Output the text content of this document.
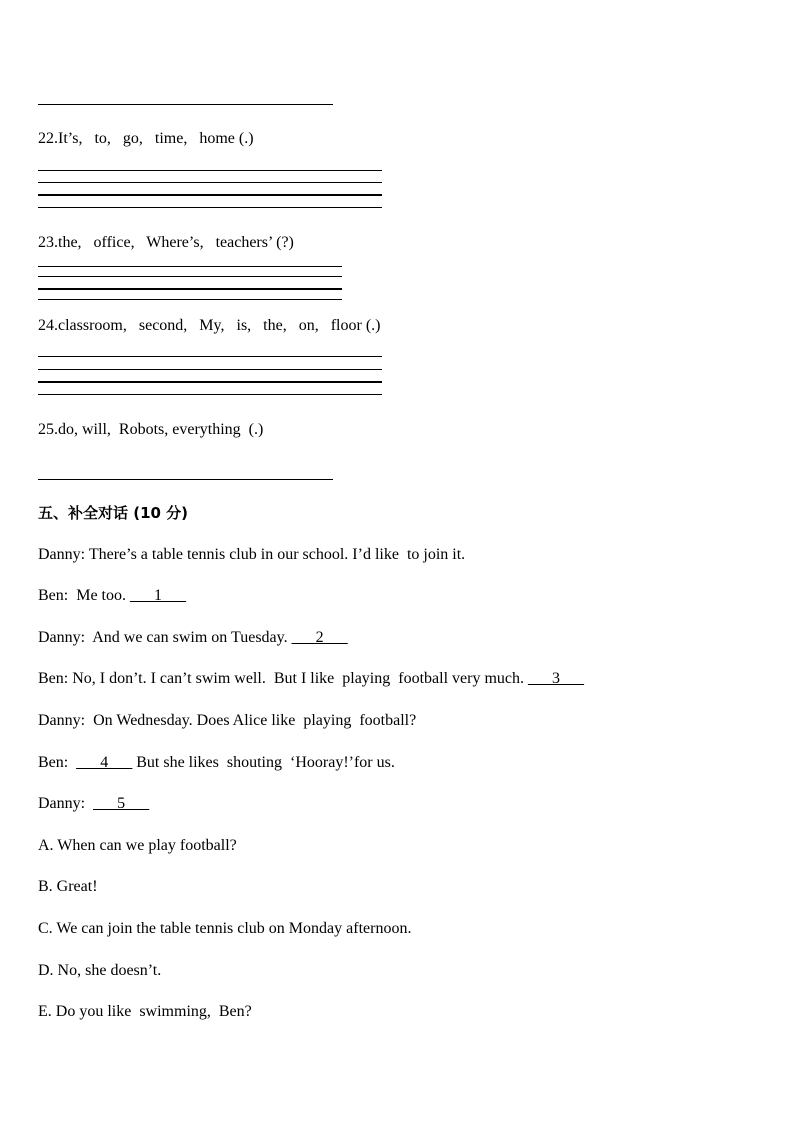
22.It’s,   to,   go,   time,   home (.)
23.the,   office,   Where’s,   teachers’ (?)
24.classroom,   second,   My,   is,   the,   on,   floor (.)
25.do, will,  Robots, everything  (.)
五、补全对话 (10 分)
Danny: There’s a table tennis club in our school. I’d like  to join it.
Ben:  Me too. ___1___
Danny:  And we can swim on Tuesday. ___2___
Ben: No, I don’t. I can’t swim well.  But I like  playing  football very much. ___3___
Danny:  On Wednesday. Does Alice like  playing  football?
Ben:  ___4___ But she likes  shouting  ‘Hooray!’for us.
Danny:  ___5___
A. When can we play football?
B. Great!
C. We can join the table tennis club on Monday afternoon.
D. No, she doesn’t.
E. Do you like  swimming,  Ben?
